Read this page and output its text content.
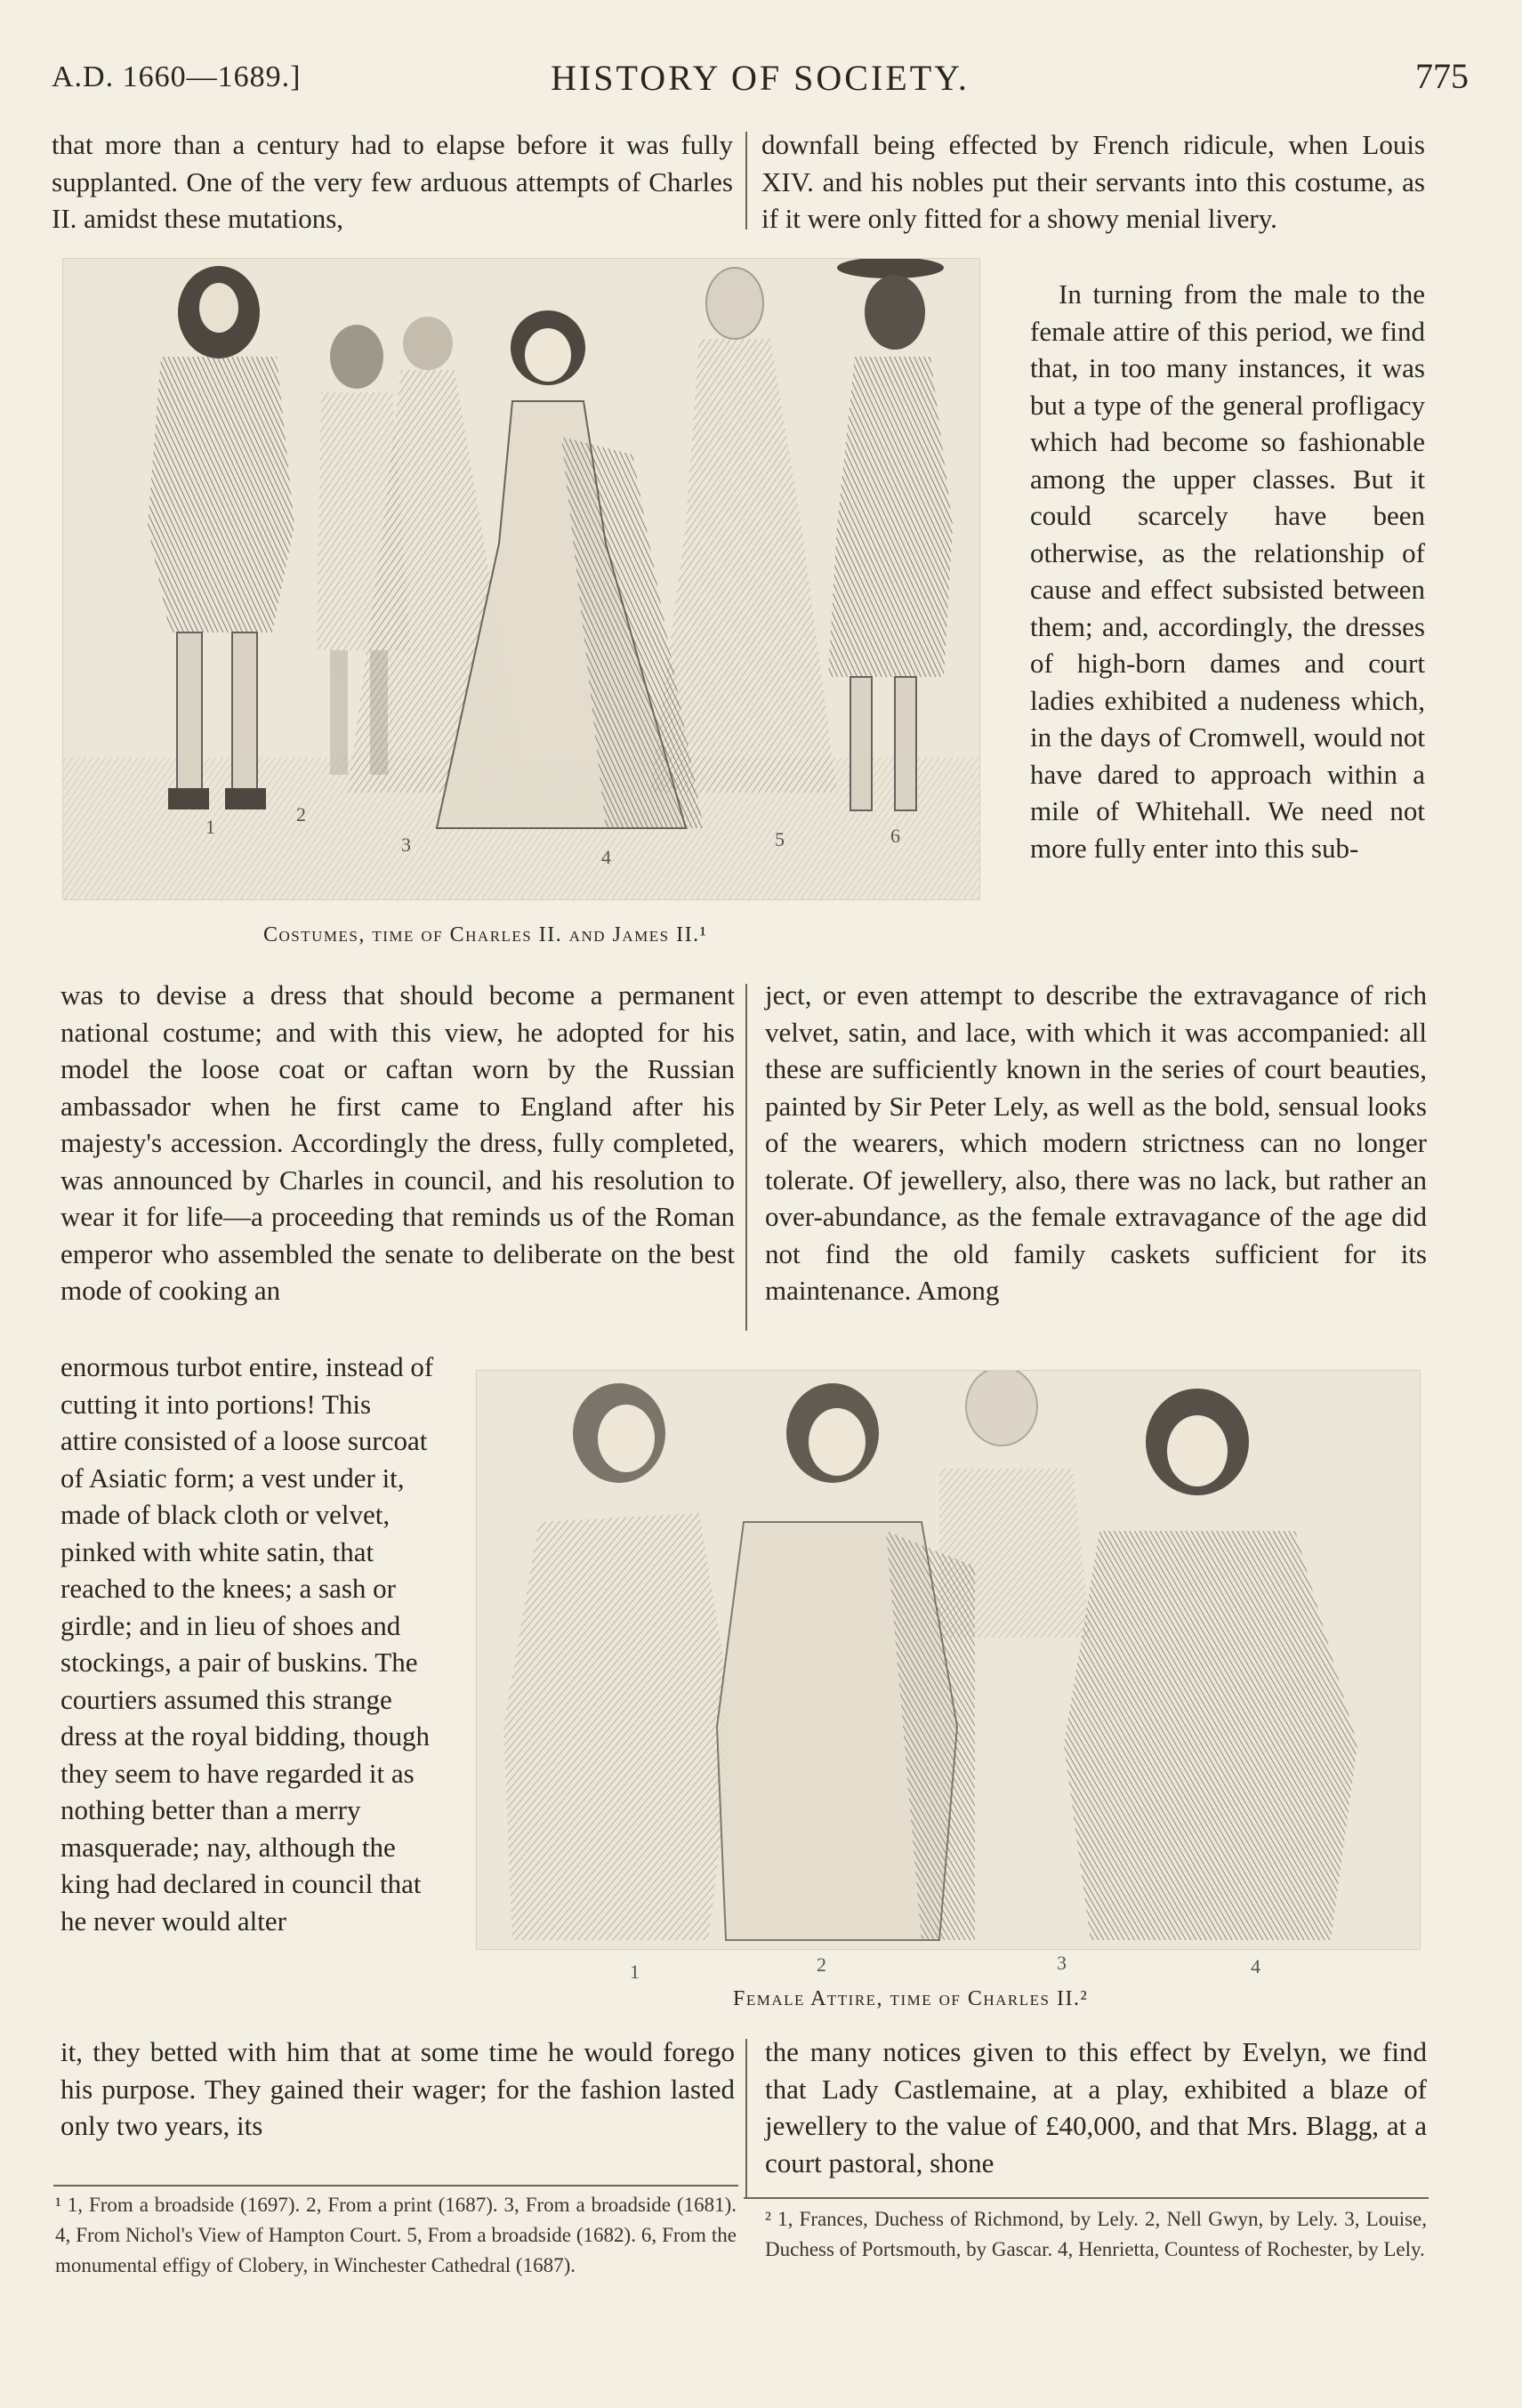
A.D. 1660—1689.]	HISTORY OF SOCIETY.	775

that more than a century had to elapse before it was fully supplanted. One of the very few arduous attempts of Charles II. amidst these mutations,

downfall being effected by French ridicule, when Louis XIV. and his nobles put their servants into this costume, as if it were only fitted for a showy menial livery.

1
2
3
4
5	6

In turning from the male to the female attire of this period, we find that, in too many instances, it was but a type of the general profligacy which had become so fashionable among the upper classes. But it could scarcely have been otherwise, as the relationship of cause and effect subsisted between them; and, accordingly, the dresses of high-born dames and court ladies exhibited a nudeness which, in the days of Cromwell, would not have dared to approach within a mile of Whitehall. We need not more fully enter into this sub-

Costumes, time of Charles II. and James II.¹

was to devise a dress that should become a permanent national costume; and with this view, he adopted for his model the loose coat or caftan worn by the Russian ambassador when he first came to England after his majesty's accession. Accordingly the dress, fully completed, was announced by Charles in council, and his resolution to wear it for life—a proceeding that reminds us of the Roman emperor who assembled the senate to deliberate on the best mode of cooking an

ject, or even attempt to describe the extravagance of rich velvet, satin, and lace, with which it was accompanied: all these are sufficiently known in the series of court beauties, painted by Sir Peter Lely, as well as the bold, sensual looks of the wearers, which modern strictness can no longer tolerate. Of jewellery, also, there was no lack, but rather an over-abundance, as the female extravagance of the age did not find the old family caskets sufficient for its maintenance. Among

enormous turbot entire, instead of cutting it into portions! This attire consisted of a loose surcoat of Asiatic form; a vest under it, made of black cloth or velvet, pinked with white satin, that reached to the knees; a sash or girdle; and in lieu of shoes and stockings, a pair of buskins. The courtiers assumed this strange dress at the royal bidding, though they seem to have regarded it as nothing better than a merry masquerade; nay, although the king had declared in council that he never would alter

1	2	3	4
Female Attire, time of Charles II.²

it, they betted with him that at some time he would forego his purpose. They gained their wager; for the fashion lasted only two years, its

the many notices given to this effect by Evelyn, we find that Lady Castlemaine, at a play, exhibited a blaze of jewellery to the value of £40,000, and that Mrs. Blagg, at a court pastoral, shone

¹ 1, From a broadside (1697). 2, From a print (1687). 3, From a broadside (1681). 4, From Nichol's View of Hampton Court. 5, From a broadside (1682). 6, From the monumental effigy of Clobery, in Winchester Cathedral (1687).
² 1, Frances, Duchess of Richmond, by Lely. 2, Nell Gwyn, by Lely. 3, Louise, Duchess of Portsmouth, by Gascar. 4, Henrietta, Countess of Rochester, by Lely.
